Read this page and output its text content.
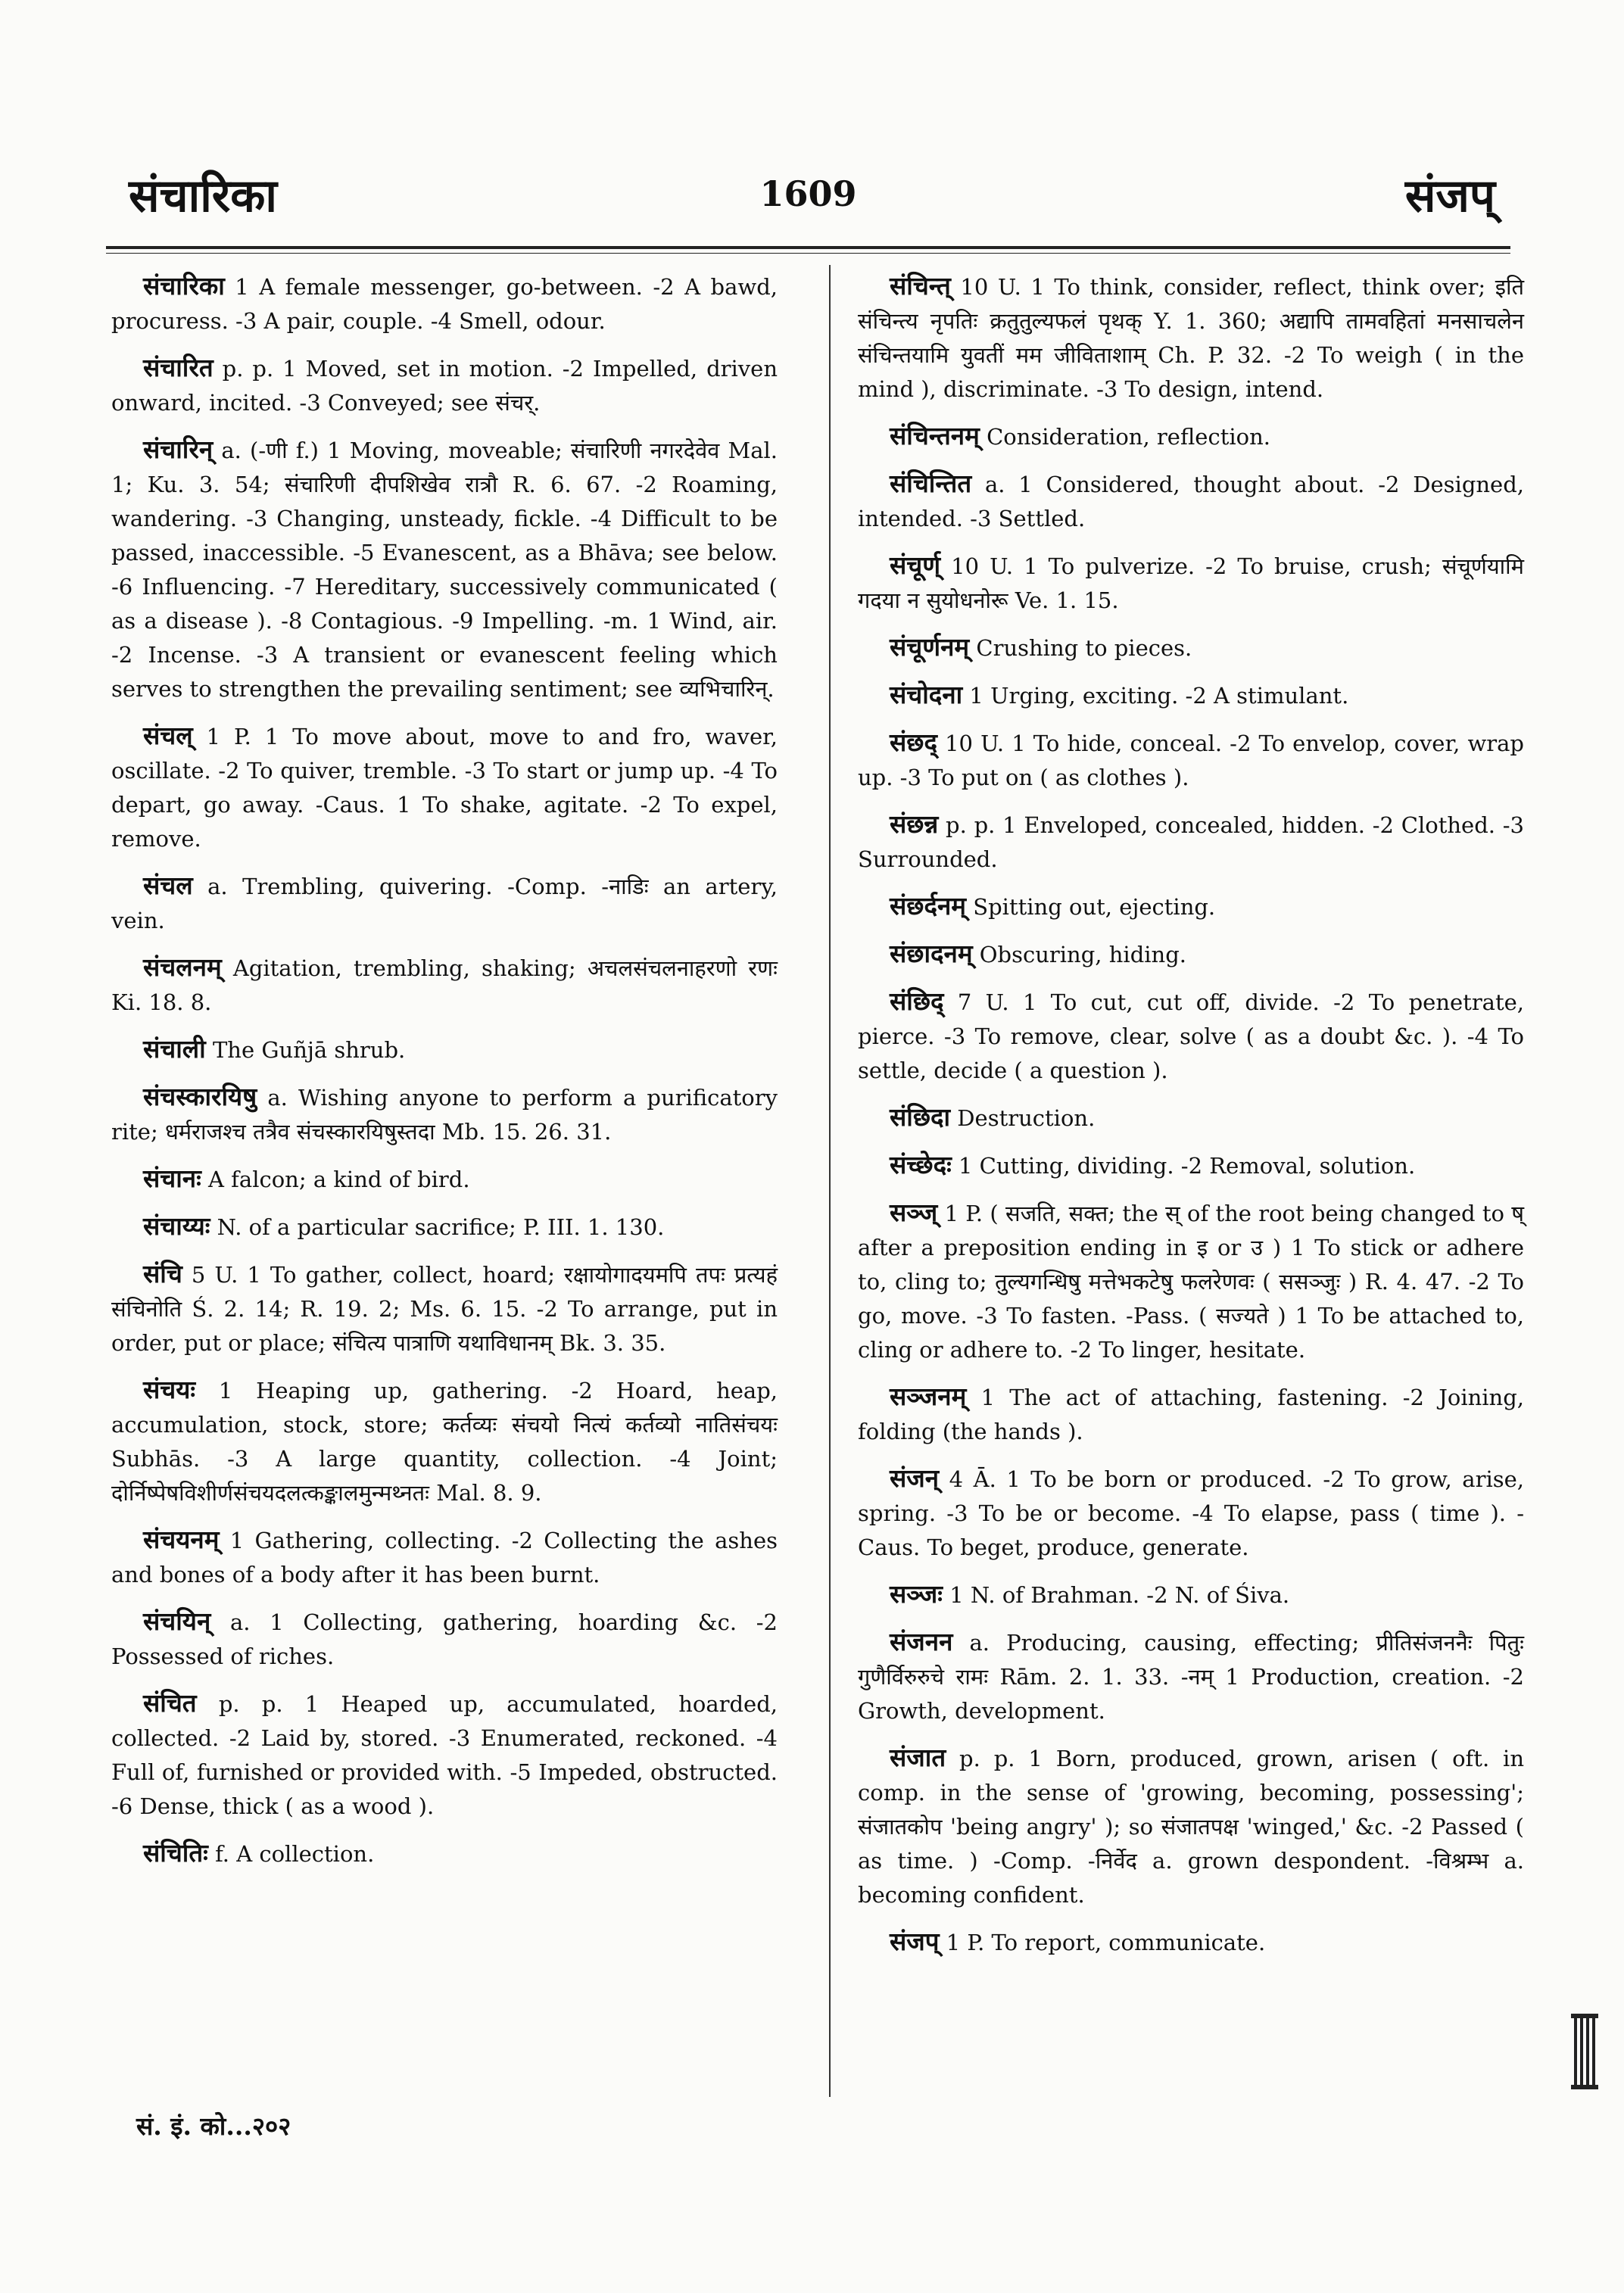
संचारिका	1609	संजप्

संचारिका 1 A female messenger, go-between. -2 A bawd, procuress. -3 A pair, couple. -4 Smell, odour.

संचारित p. p. 1 Moved, set in motion. -2 Impelled, driven onward, incited. -3 Conveyed; see संचर्.

संचारिन् a. (-णी f.) 1 Moving, moveable; संचारिणी नगरदेवेव Mal. 1; Ku. 3. 54; संचारिणी दीपशिखेव रात्रौ R. 6. 67. -2 Roaming, wandering. -3 Changing, unsteady, fickle. -4 Difficult to be passed, inaccessible. -5 Evanescent, as a Bhāva; see below. -6 Influencing. -7 Hereditary, successively communicated ( as a disease ). -8 Contagious. -9 Impelling. -m. 1 Wind, air. -2 Incense. -3 A transient or evanescent feeling which serves to strengthen the prevailing sentiment; see व्यभिचारिन्.

संचल् 1 P. 1 To move about, move to and fro, waver, oscillate. -2 To quiver, tremble. -3 To start or jump up. -4 To depart, go away. -Caus. 1 To shake, agitate. -2 To expel, remove.

संचल a. Trembling, quivering. -Comp. -नाडिः an artery, vein.

संचलनम् Agitation, trembling, shaking; अचलसंचलनाहरणो रणः Ki. 18. 8.

संचाली The Guñjā shrub.

संचस्कारयिषु a. Wishing anyone to perform a purificatory rite; धर्मराजश्च तत्रैव संचस्कारयिषुस्तदा Mb. 15. 26. 31.

संचानः A falcon; a kind of bird.

संचाय्यः N. of a particular sacrifice; P. III. 1. 130.

संचि 5 U. 1 To gather, collect, hoard; रक्षायोगादयमपि तपः प्रत्यहं संचिनोति Ś. 2. 14; R. 19. 2; Ms. 6. 15. -2 To arrange, put in order, put or place; संचित्य पात्राणि यथाविधानम् Bk. 3. 35.

संचयः 1 Heaping up, gathering. -2 Hoard, heap, accumulation, stock, store; कर्तव्यः संचयो नित्यं कर्तव्यो नातिसंचयः Subhās. -3 A large quantity, collection. -4 Joint; दोर्निष्पेषविशीर्णसंचयदलत्कङ्कालमुन्मथ्नतः Mal. 8. 9.

संचयनम् 1 Gathering, collecting. -2 Collecting the ashes and bones of a body after it has been burnt.

संचयिन् a. 1 Collecting, gathering, hoarding &c. -2 Possessed of riches.

संचित p. p. 1 Heaped up, accumulated, hoarded, collected. -2 Laid by, stored. -3 Enumerated, reckoned. -4 Full of, furnished or provided with. -5 Impeded, obstructed. -6 Dense, thick ( as a wood ).

संचितिः f. A collection.

संचिन्त् 10 U. 1 To think, consider, reflect, think over; इति संचिन्त्य नृपतिः क्रतुतुल्यफलं पृथक् Y. 1. 360; अद्यापि तामवहितां मनसाचलेन संचिन्तयामि युवतीं मम जीविताशाम् Ch. P. 32. -2 To weigh ( in the mind ), discriminate. -3 To design, intend.

संचिन्तनम् Consideration, reflection.

संचिन्तित a. 1 Considered, thought about. -2 Designed, intended. -3 Settled.

संचूर्ण् 10 U. 1 To pulverize. -2 To bruise, crush; संचूर्णयामि गदया न सुयोधनोरू Ve. 1. 15.

संचूर्णनम् Crushing to pieces.

संचोदना 1 Urging, exciting. -2 A stimulant.

संछद् 10 U. 1 To hide, conceal. -2 To envelop, cover, wrap up. -3 To put on ( as clothes ).

संछन्न p. p. 1 Enveloped, concealed, hidden. -2 Clothed. -3 Surrounded.

संछर्दनम् Spitting out, ejecting.

संछादनम् Obscuring, hiding.

संछिद् 7 U. 1 To cut, cut off, divide. -2 To penetrate, pierce. -3 To remove, clear, solve ( as a doubt &c. ). -4 To settle, decide ( a question ).

संछिदा Destruction.

संच्छेदः 1 Cutting, dividing. -2 Removal, solution.

सञ्ज् 1 P. ( सजति, सक्त; the स् of the root being changed to ष् after a preposition ending in इ or उ ) 1 To stick or adhere to, cling to; तुल्यगन्धिषु मत्तेभकटेषु फलरेणवः ( ससञ्जुः ) R. 4. 47. -2 To go, move. -3 To fasten. -Pass. ( सज्यते ) 1 To be attached to, cling or adhere to. -2 To linger, hesitate.

सञ्जनम् 1 The act of attaching, fastening. -2 Joining, folding (the hands ).

संजन् 4 Ā. 1 To be born or produced. -2 To grow, arise, spring. -3 To be or become. -4 To elapse, pass ( time ). -Caus. To beget, produce, generate.

सञ्जः 1 N. of Brahman. -2 N. of Śiva.

संजनन a. Producing, causing, effecting; प्रीतिसंजननैः पितुः गुणैर्विरुरुचे रामः Rām. 2. 1. 33. -नम् 1 Production, creation. -2 Growth, development.

संजात p. p. 1 Born, produced, grown, arisen ( oft. in comp. in the sense of 'growing, becoming, possessing'; संजातकोप 'being angry' ); so संजातपक्ष 'winged,' &c. -2 Passed ( as time. ) -Comp. -निर्वेद a. grown despondent. -विश्रम्भ a. becoming confident.

संजप् 1 P. To report, communicate.

सं. इं. को...२०२
